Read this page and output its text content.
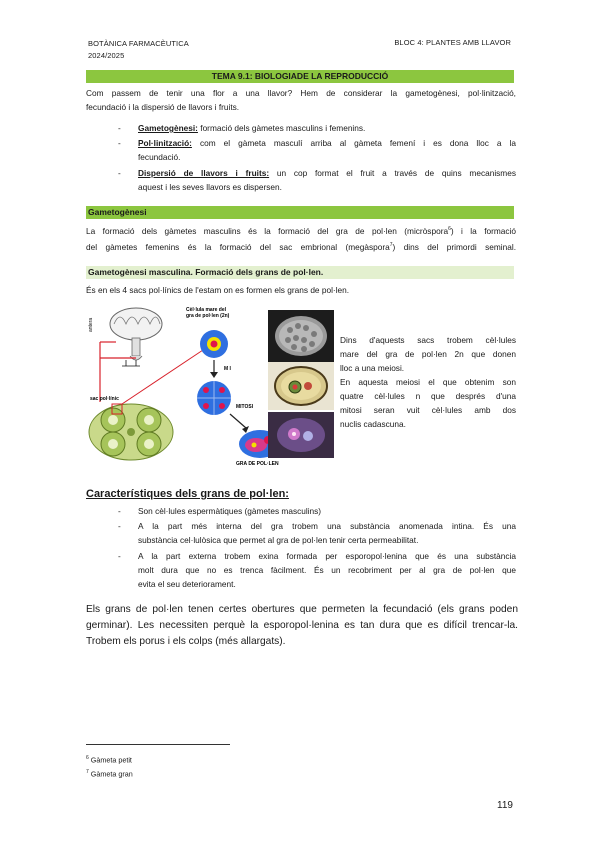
BOTÀNICA FARMACÈUTICA
2024/2025
BLOC 4: PLANTES AMB LLAVOR
TEMA 9.1: BIOLOGIADE LA REPRODUCCIÓ
Com passem de tenir una flor a una llavor? Hem de considerar la gametogènesi, pol·linització,
fecundació i la dispersió de llavors i fruits.
- Gametogènesi: formació dels gàmetes masculins i femenins.
- Pol·linització: com el gàmeta masculí arriba al gàmeta femení i es dona lloc a la
fecundació.
- Dispersió de llavors i fruits: un cop format el fruit a través de quins mecanismes
aquest i les seves llavors es dispersen.
Gametogènesi
La formació dels gàmetes masculins és la formació del gra de pol·len (micròspora$^6$) i la formació
del gàmetes femenins és la formació del sac embrional (megàspora$^7$) dins del primordi seminal.
Gametogènesi masculina. Formació dels grans de pol·len.
És en els 4 sacs pol·línics de l'estam on es formen els grans de pol·len.
antera
sac pol·línic
Cèl·lula mare del
gra de pol·len (2n)
M I
MITOSI
GRA DE POL·LEN
Dins d'aquests sacs trobem cèl·lules
mare del gra de pol·len 2n que donen
lloc a una meiosi.
En aquesta meiosi el que obtenim son
quatre cèl·lules n que després d'una
mitosi seran vuit cèl·lules amb dos
nuclis cadascuna.
Característiques dels grans de pol·len:
- Son cèl·lules espermàtiques (gàmetes masculins)
- A la part més interna del gra trobem una substància anomenada intina. És una
substància cel·lulòsica que permet al gra de pol·len tenir certa permeabilitat.
- A la part externa trobem exina formada per esporopol·lenina que és una substància
molt dura que no es trenca fàcilment. És un recobriment per al gra de pol·len que
evita el seu deteriorament.
Els grans de pol·len tenen certes obertures que permeten la fecundació (els grans poden
germinar). Les necessiten perquè la esporopol·lenina es tan dura que es difícil trencar-la.
Trobem els porus i els colps (més allargats).
$^6$ Gàmeta petit
$^7$ Gàmeta gran
119
